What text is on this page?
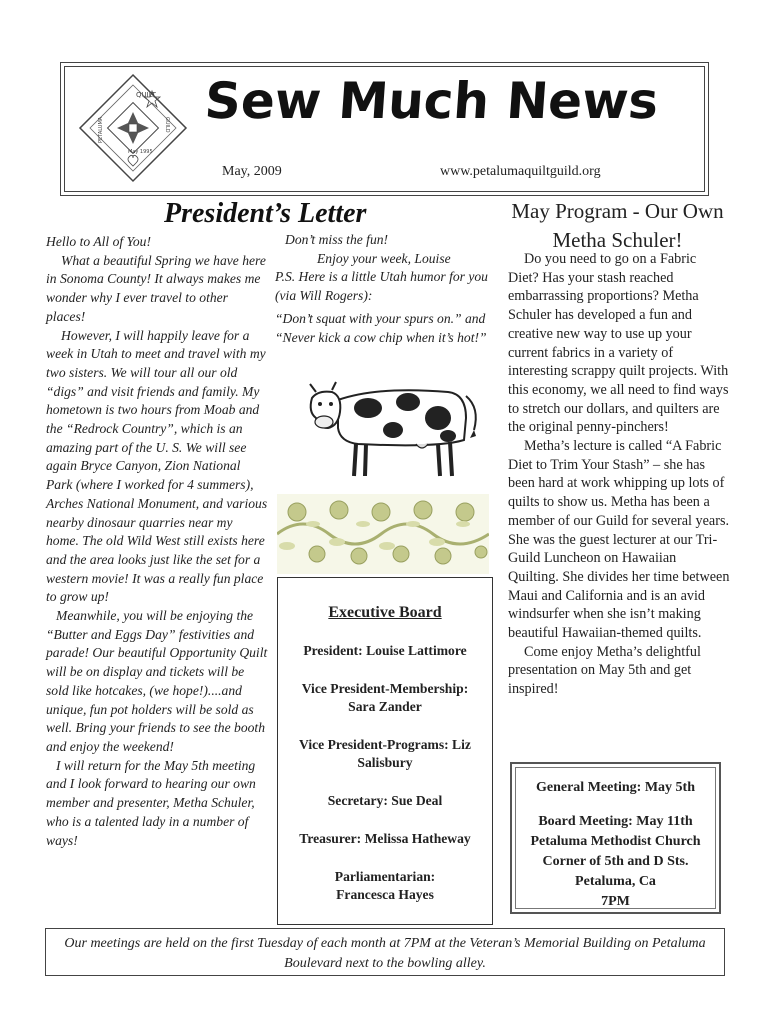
QUILT
May 1995
PETALUMA	GUILD Sew Much News
May, 2009	www.petalumaquiltguild.org
President’s Letter

Hello to All of You!

What a beautiful Spring we have here in Sonoma County! It always makes me wonder why I ever travel to other places!

However, I will happily leave for a week in Utah to meet and travel with my two sisters. We will tour all our old “digs” and visit friends and family. My hometown is two hours from Moab and the “Redrock Country”, which is an amazing part of the U. S. We will see again Bryce Canyon, Zion National Park (where I worked for 4 summers), Arches National Monument, and various nearby dinosaur quarries near my home. The old Wild West still exists here and the area looks just like the set for a western movie! It was a really fun place to grow up!

Meanwhile, you will be enjoying the “Butter and Eggs Day” festivities and parade! Our beautiful Opportunity Quilt will be on display and tickets will be sold like hotcakes, (we hope!)....and unique, fun pot holders will be sold as well. Bring your friends to see the booth and enjoy the weekend!

I will return for the May 5th meeting and I look forward to hearing our own member and presenter, Metha Schuler, who is a talented lady in a number of ways!

Don’t miss the fun!

Enjoy your week, Louise

P.S. Here is a little Utah humor for you (via Will Rogers):

“Don’t squat with your spurs on.” and “Never kick a cow chip when it’s hot!”

Executive Board
President: Louise Lattimore
Vice President-Membership: Sara Zander
Vice President-Programs: Liz Salisbury
Secretary: Sue Deal
Treasurer: Melissa Hatheway
Parliamentarian: Francesca Hayes
May Program - Our Own Metha Schuler!

Do you need to go on a Fabric Diet? Has your stash reached embarrassing proportions? Metha Schuler has developed a fun and creative new way to use up your current fabrics in a variety of interesting scrappy quilt projects. With this economy, we all need to find ways to stretch our dollars, and quilters are the original penny-pinchers!

Metha’s lecture is called “A Fabric Diet to Trim Your Stash” – she has been hard at work whipping up lots of quilts to show us. Metha has been a member of our Guild for several years. She was the guest lecturer at our Tri-Guild Luncheon on Hawaiian Quilting. She divides her time between Maui and California and is an avid windsurfer when she isn’t making beautiful Hawaiian-themed quilts.

Come enjoy Metha’s delightful presentation on May 5th and get inspired!

General Meeting: May 5th
Board Meeting: May 11th
Petaluma Methodist Church
Corner of 5th and D Sts.
Petaluma, Ca
7PM
Our meetings are held on the first Tuesday of each month at 7PM at the Veteran’s Memorial Building on Petaluma Boulevard next to the bowling alley.
